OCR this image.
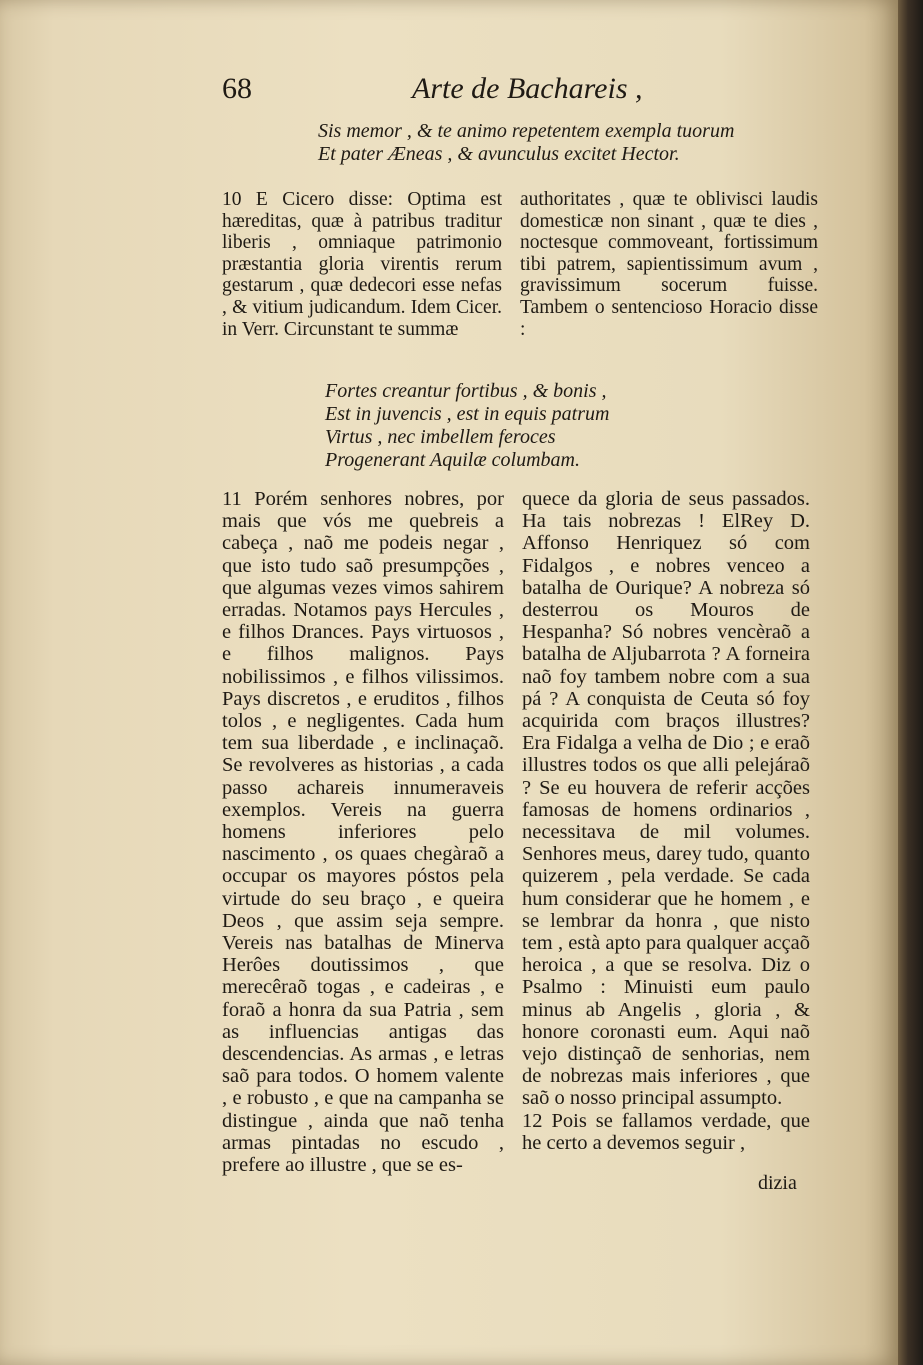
68	Arte de Bachareis ,
Sis memor , & te animo repetentem exempla tuorum
Et pater Æneas , & avunculus excitet Hector.

10 E Cicero disse: Optima est hæreditas, quæ à patribus traditur liberis , omniaque patrimonio præstantia gloria virentis rerum gestarum , quæ dedecori esse nefas , & vitium judicandum. Idem Cicer. in Verr. Circunstant te summæ

authoritates , quæ te oblivisci laudis domesticæ non sinant , quæ te dies , noctesque commoveant, fortissimum tibi patrem, sapientissimum avum , gravissimum socerum fuisse. Tambem o sentencioso Horacio disse :

Fortes creantur fortibus , & bonis ,
Est in juvencis , est in equis patrum
Virtus , nec imbellem feroces
Progenerant Aquilæ columbam.

11 Porém senhores nobres, por mais que vós me quebreis a cabeça , naõ me podeis negar , que isto tudo saõ presumpções , que algumas vezes vimos sahirem erradas. Notamos pays Hercules , e filhos Drances. Pays virtuosos , e filhos malignos. Pays nobilissimos , e filhos vilissimos. Pays discretos , e eruditos , filhos tolos , e negligentes. Cada hum tem sua liberdade , e inclinaçaõ. Se revolveres as historias , a cada passo achareis innumeraveis exemplos. Vereis na guerra homens inferiores pelo nascimento , os quaes chegàraõ a occupar os mayores póstos pela virtude do seu braço , e queira Deos , que assim seja sempre. Vereis nas batalhas de Minerva Herôes doutissimos , que merecêraõ togas , e cadeiras , e foraõ a honra da sua Patria , sem as influencias antigas das descendencias. As armas , e letras saõ para todos. O homem valente , e robusto , e que na campanha se distingue , ainda que naõ tenha armas pintadas no escudo , prefere ao illustre , que se es-

quece da gloria de seus passados. Ha tais nobrezas ! ElRey D. Affonso Henriquez só com Fidalgos , e nobres venceo a batalha de Ourique? A nobreza só desterrou os Mouros de Hespanha? Só nobres vencèraõ a batalha de Aljubarrota ? A forneira naõ foy tambem nobre com a sua pá ? A conquista de Ceuta só foy acquirida com braços illustres? Era Fidalga a velha de Dio ; e eraõ illustres todos os que alli pelejáraõ ? Se eu houvera de referir acções famosas de homens ordinarios , necessitava de mil volumes. Senhores meus, darey tudo, quanto quizerem , pela verdade. Se cada hum considerar que he homem , e se lembrar da honra , que nisto tem , està apto para qualquer acçaõ heroica , a que se resolva. Diz o Psalmo : Minuisti eum paulo minus ab Angelis , gloria , & honore coronasti eum. Aqui naõ vejo distinçaõ de senhorias, nem de nobrezas mais inferiores , que saõ o nosso principal assumpto.

12 Pois se fallamos verdade, que he certo a devemos seguir ,

dizia
